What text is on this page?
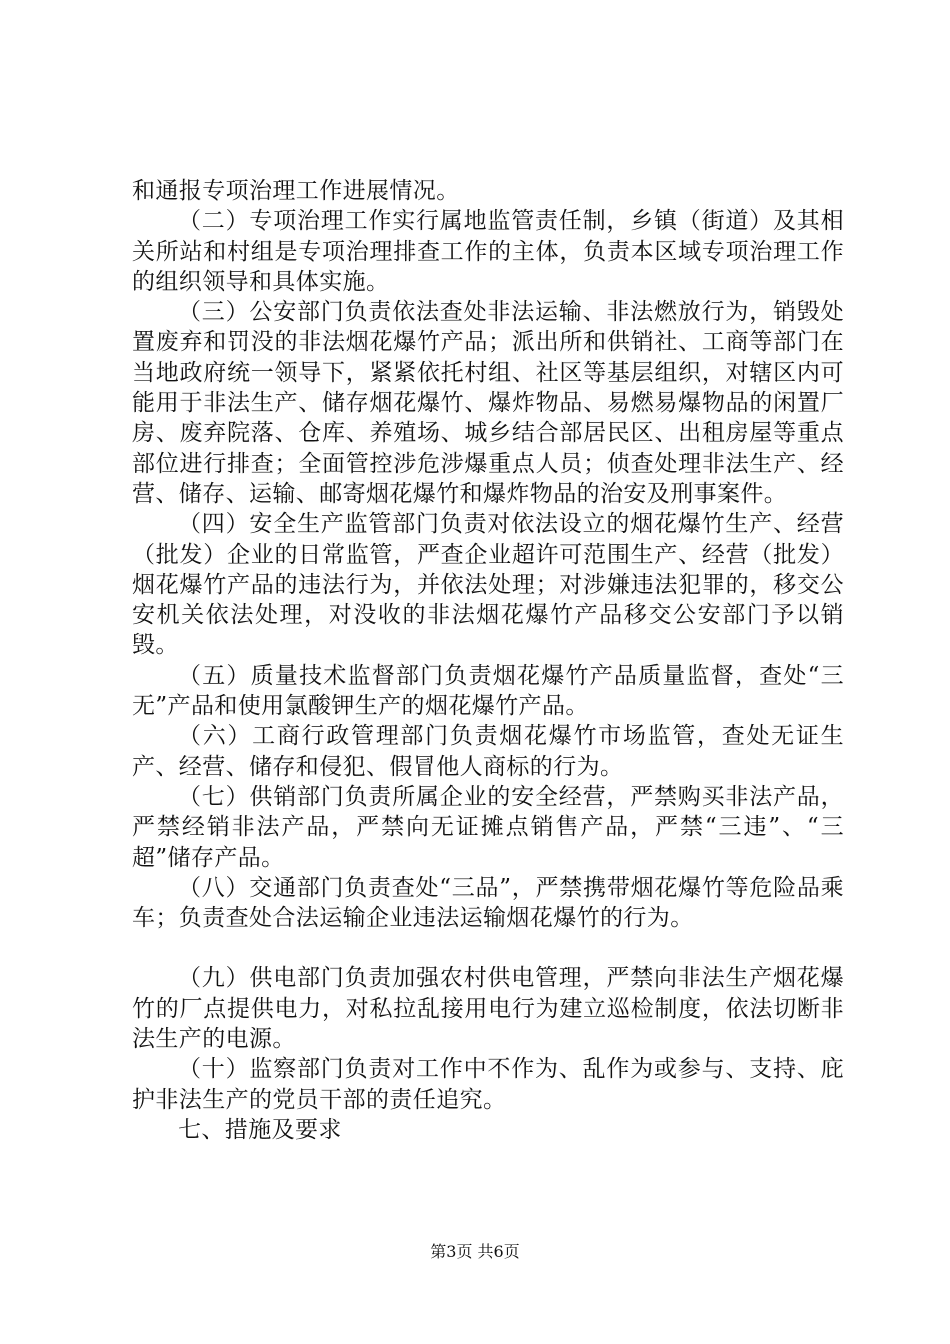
和通报专项治理工作进展情况。

（二）专项治理工作实行属地监管责任制，乡镇（街道）及其相关所站和村组是专项治理排查工作的主体，负责本区域专项治理工作的组织领导和具体实施。

（三）公安部门负责依法查处非法运输、非法燃放行为，销毁处置废弃和罚没的非法烟花爆竹产品；派出所和供销社、工商等部门在当地政府统一领导下，紧紧依托村组、社区等基层组织，对辖区内可能用于非法生产、储存烟花爆竹、爆炸物品、易燃易爆物品的闲置厂房、废弃院落、仓库、养殖场、城乡结合部居民区、出租房屋等重点部位进行排查；全面管控涉危涉爆重点人员；侦查处理非法生产、经营、储存、运输、邮寄烟花爆竹和爆炸物品的治安及刑事案件。

（四）安全生产监管部门负责对依法设立的烟花爆竹生产、经营（批发）企业的日常监管，严查企业超许可范围生产、经营（批发）烟花爆竹产品的违法行为，并依法处理；对涉嫌违法犯罪的，移交公安机关依法处理，对没收的非法烟花爆竹产品移交公安部门予以销毁。

（五）质量技术监督部门负责烟花爆竹产品质量监督，查处“三无”产品和使用氯酸钾生产的烟花爆竹产品。

（六）工商行政管理部门负责烟花爆竹市场监管，查处无证生产、经营、储存和侵犯、假冒他人商标的行为。

（七）供销部门负责所属企业的安全经营，严禁购买非法产品，严禁经销非法产品，严禁向无证摊点销售产品，严禁“三违”、“三超”储存产品。

（八）交通部门负责查处“三品”，严禁携带烟花爆竹等危险品乘车；负责查处合法运输企业违法运输烟花爆竹的行为。

（九）供电部门负责加强农村供电管理，严禁向非法生产烟花爆竹的厂点提供电力，对私拉乱接用电行为建立巡检制度，依法切断非法生产的电源。

（十）监察部门负责对工作中不作为、乱作为或参与、支持、庇护非法生产的党员干部的责任追究。

七、措施及要求

第3页 共6页
